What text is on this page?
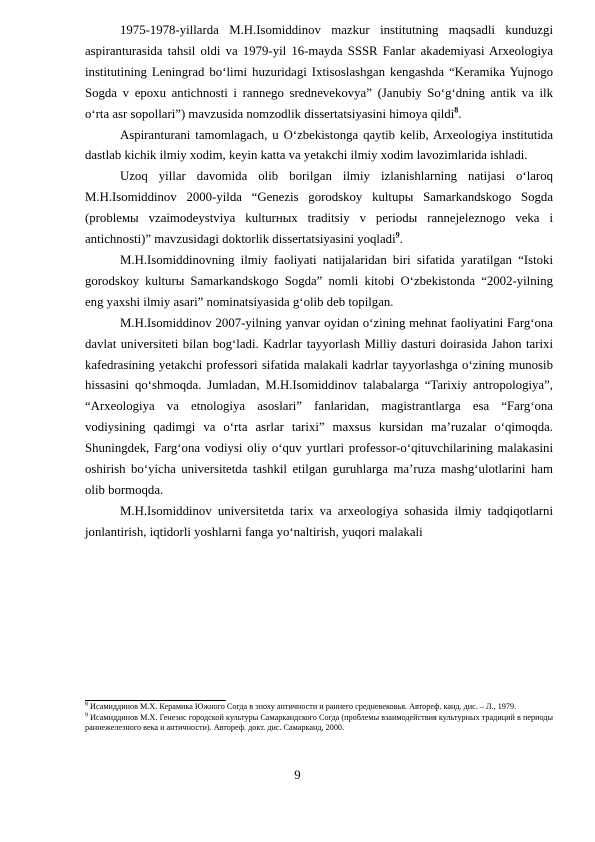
1975-1978-yillarda M.H.Isomiddinov mazkur institutning maqsadli kunduzgi aspiranturasida tahsil oldi va 1979-yil 16-mayda SSSR Fanlar akademiyasi Arxeologiya institutining Leningrad bo‘limi huzuridagi Ixtisoslashgan kengashda “Keramika Yujnogo Sogda v epoxu antichnosti i rannego srednevekovya” (Janubiy So‘g‘dning antik va ilk o‘rta asr sopollari”) mavzusida nomzodlik dissertatsiyasini himoya qildi$^8$.

Aspiranturani tamomlagach, u O‘zbekistonga qaytib kelib, Arxeologiya institutida dastlab kichik ilmiy xodim, keyin katta va yetakchi ilmiy xodim lavozimlarida ishladi.

Uzoq yillar davomida olib borilgan ilmiy izlanishlarning natijasi o‘laroq M.H.Isomiddinov 2000-yilda “Genezis gorodskoy kultuры Samarkandskogo Sogda (probleмы vzaimodeystviya kulturныx traditsiy v periodы rannejeleznogo veka i antichnosti)” mavzusidagi doktorlik dissertatsiyasini yoqladi$^9$.

M.H.Isomiddinovning ilmiy faoliyati natijalaridan biri sifatida yaratilgan “Istoki gorodskoy kulturы Samarkandskogo Sogda” nomli kitobi O‘zbekistonda “2002-yilning eng yaxshi ilmiy asari” nominatsiyasida g‘olib deb topilgan.

M.H.Isomiddinov 2007-yilning yanvar oyidan o‘zining mehnat faoliyatini Farg‘ona davlat universiteti bilan bog‘ladi. Kadrlar tayyorlash Milliy dasturi doirasida Jahon tarixi kafedrasining yetakchi professori sifatida malakali kadrlar tayyorlashga o‘zining munosib hissasini qo‘shmoqda. Jumladan, M.H.Isomiddinov talabalarga “Tarixiy antropologiya”, “Arxeologiya va etnologiya asoslari” fanlaridan, magistrantlarga esa “Farg‘ona vodiysining qadimgi va o‘rta asrlar tarixi” maxsus kursidan ma’ruzalar o‘qimoqda. Shuningdek, Farg‘ona vodiysi oliy o‘quv yurtlari professor-o‘qituvchilarining malakasini oshirish bo‘yicha universitetda tashkil etilgan guruhlarga ma’ruza mashg‘ulotlarini ham olib bormoqda.

M.H.Isomiddinov universitetda tarix va arxeologiya sohasida ilmiy tadqiqotlarni jonlantirish, iqtidorli yoshlarni fanga yo‘naltirish, yuqori malakali

$^8$ Исамиддинов М.Х. Керамика Южного Согда в эпоху античности и раннего средневековья. Автореф. канд. дис. – Л., 1979.

$^9$ Исамиддинов М.Х. Генезис городской культуры Самаркандского Согда (проблемы взаимодействия культурных традиций в периоды раннежелезного века и античности). Автореф. докт. дис. Самарканд, 2000.

9
